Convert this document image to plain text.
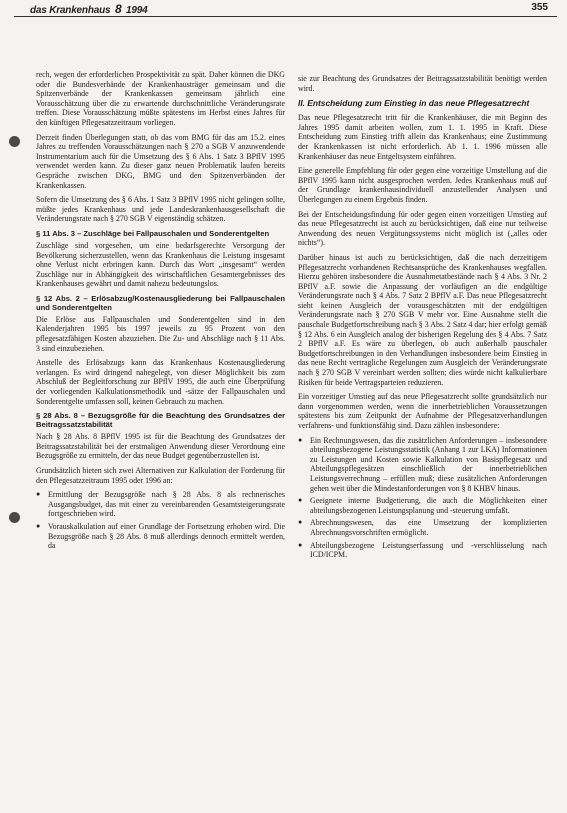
das Krankenhaus 8 1994	355

rech, wegen der erforderlichen Prospektivität zu spät. Daher können die DKG oder die Bundesverbände der Krankenhausträger gemeinsam und die Spitzenverbände der Krankenkassen gemeinsam jährlich eine Vorausschätzung über die zu erwartende durchschnittliche Veränderungsrate treffen. Diese Vorausschätzung müßte spätestens im Herbst eines Jahres für den künftigen Pflegesatzzeitraum vorliegen.

Derzeit finden Überlegungen statt, ob das vom BMG für das am 15.2. eines Jahres zu treffenden Vorausschätzungen nach § 270 a SGB V anzuwendende Instrumentarium auch für die Umsetzung des § 6 Abs. 1 Satz 3 BPflV 1995 verwendet werden kann. Zu dieser ganz neuen Problematik laufen bereits Gespräche zwischen DKG, BMG und den Spitzenverbänden der Krankenkassen.

Sofern die Umsetzung des § 6 Abs. 1 Satz 3 BPflV 1995 nicht gelingen sollte, müßte jedes Krankenhaus und jede Landeskrankenhausgesellschaft die Veränderungsrate nach § 270 SGB V eigenständig schätzen.

§ 11 Abs. 3 – Zuschläge bei Fallpauschalen und Sonderentgelten

Zuschläge sind vorgesehen, um eine bedarfsgerechte Versorgung der Bevölkerung sicherzustellen, wenn das Krankenhaus die Leistung insgesamt ohne Verlust nicht erbringen kann. Durch das Wort „insgesamt“ werden Zuschläge nur in Abhängigkeit des wirtschaftlichen Gesamtergebnisses des Krankenhauses gewährt und damit nahezu bedeutungslos.

§ 12 Abs. 2 – Erlösabzug/Kostenausgliederung bei Fallpauschalen und Sonderentgelten

Die Erlöse aus Fallpauschalen und Sonderentgelten sind in den Kalenderjahren 1995 bis 1997 jeweils zu 95 Prozent von den pflegesatzfähigen Kosten abzuziehen. Die Zu- und Abschläge nach § 11 Abs. 3 sind einzubeziehen.

Anstelle des Erlösabzugs kann das Krankenhaus Kostenausgliederung verlangen. Es wird dringend nahegelegt, von dieser Möglichkeit bis zum Abschluß der Begleitforschung zur BPflV 1995, die auch eine Überprüfung der vorliegenden Kalkulationsmethodik und -sätze der Fallpauschalen und Sonderentgelte umfassen soll, keinen Gebrauch zu machen.

§ 28 Abs. 8 – Bezugsgröße für die Beachtung des Grundsatzes der Beitragssatzstabilität

Nach § 28 Abs. 8 BPflV 1995 ist für die Beachtung des Grundsatzes der Beitragssatzstabilität bei der erstmaligen Anwendung dieser Verordnung eine Bezugsgröße zu ermitteln, der das neue Budget gegenüberzustellen ist.

Grundsätzlich bieten sich zwei Alternativen zur Kalkulation der Forderung für den Pflegesatzzeitraum 1995 oder 1996 an:

● Ermittlung der Bezugsgröße nach § 28 Abs. 8 als rechnerisches Ausgangsbudget, das mit einer zu vereinbarenden Gesamtsteigerungsrate fortgeschrieben wird.
● Vorauskalkulation auf einer Grundlage der Fortsetzung erhoben wird. Die Bezugsgröße nach § 28 Abs. 8 muß allerdings dennoch ermittelt werden, da

sie zur Beachtung des Grundsatzes der Beitragssatzstabilität benötigt werden wird.

II. Entscheidung zum Einstieg in das neue Pflegesatzrecht

Das neue Pflegesatzrecht tritt für die Krankenhäuser, die mit Beginn des Jahres 1995 damit arbeiten wollen, zum 1. 1. 1995 in Kraft. Diese Entscheidung zum Einstieg trifft allein das Krankenhaus; eine Zustimmung der Krankenkassen ist nicht erforderlich. Ab 1. 1. 1996 müssen alle Krankenhäuser das neue Entgeltsystem einführen.

Eine generelle Empfehlung für oder gegen eine vorzeitige Umstellung auf die BPflV 1995 kann nicht ausgesprochen werden. Jedes Krankenhaus muß auf der Grundlage krankenhausindividuell anzustellender Analysen und Überlegungen zu einem Ergebnis finden.

Bei der Entscheidungsfindung für oder gegen einen vorzeitigen Umstieg auf das neue Pflegesatzrecht ist auch zu berücksichtigen, daß eine nur teilweise Anwendung des neuen Vergütungssystems nicht möglich ist („alles oder nichts“).

Darüber hinaus ist auch zu berücksichtigen, daß die nach derzeitigem Pflegesatzrecht vorhandenen Rechtsansprüche des Krankenhauses wegfallen. Hierzu gehören insbesondere die Ausnahmetatbestände nach § 4 Abs. 3 Nr. 2 BPflV a.F. sowie die Anpassung der vorläufigen an die endgültige Veränderungsrate nach § 4 Abs. 7 Satz 2 BPflV a.F. Das neue Pflegesatzrecht sieht keinen Ausgleich der vorausgeschätzten mit der endgültigen Veränderungsrate nach § 270 SGB V mehr vor. Eine Ausnahme stellt die pauschale Budgetfortschreibung nach § 3 Abs. 2 Satz 4 dar; hier erfolgt gemäß § 12 Abs. 6 ein Ausgleich analog der bisherigen Regelung des § 4 Abs. 7 Satz 2 BPflV a.F. Es wäre zu überlegen, ob auch außerhalb pauschaler Budgetfortschreibungen in den Verhandlungen insbesondere beim Einstieg in das neue Recht vertragliche Regelungen zum Ausgleich der Veränderungsrate nach § 270 SGB V vereinbart werden sollten; dies würde nicht kalkulierbare Risiken für beide Vertragsparteien reduzieren.

Ein vorzeitiger Umstieg auf das neue Pflegesatzrecht sollte grundsätzlich nur dann vorgenommen werden, wenn die innerbetrieblichen Voraussetzungen spätestens bis zum Zeitpunkt der Aufnahme der Pflegesatzverhandlungen verfahrens- und funktionsfähig sind. Dazu zählen insbesondere:

● Ein Rechnungswesen, das die zusätzlichen Anforderungen – insbesondere abteilungsbezogene Leistungsstatistik (Anhang 1 zur LKA) Informationen zu Leistungen und Kosten sowie Kalkulation von Basispflegesatz und Abteilungspflegesätzen einschließlich der innerbetrieblichen Leistungsverrechnung – erfüllen muß; diese zusätzlichen Anforderungen gehen weit über die Mindestanforderungen von § 8 KHBV hinaus.
● Geeignete interne Budgetierung, die auch die Möglichkeiten einer abteilungsbezogenen Leistungsplanung und -steuerung umfaßt.
● Abrechnungswesen, das eine Umsetzung der komplizierten Abrechnungsvorschriften ermöglicht.
● Abteilungsbezogene Leistungserfassung und -verschlüsselung nach ICD/ICPM.
